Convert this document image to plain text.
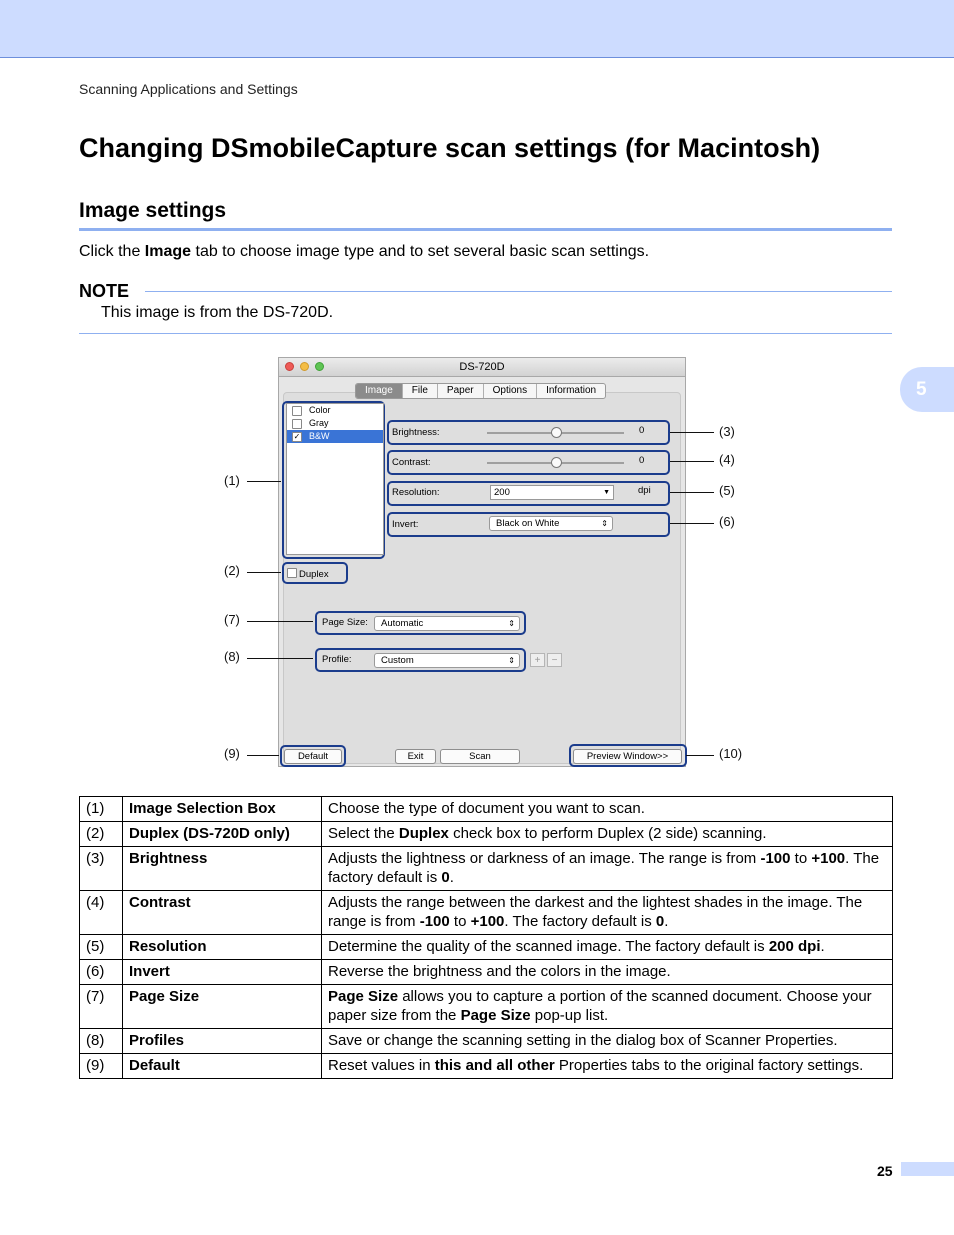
Scanning Applications and Settings
Changing DSmobileCapture scan settings (for Macintosh)
Image settings
Click the Image tab to choose image type and to set several basic scan settings.
NOTE
This image is from the DS-720D.
5
DS-720D
Image	File	Paper	Options	Information
Color
Gray
✓ B&W	Brightness:	0
Contrast:	0
Resolution:	200	▼	dpi
Invert:	Black on White	⇕
Duplex
Page Size:	Automatic	⇕
Profile:	Custom	⇕	+	−
Default	Exit	Scan	Preview Window>>
(1)
(2)
(3)
(4)
(5)
(6)
(7)
(8)
(9)	(10)
(1)	Image Selection Box	Choose the type of document you want to scan.
(2)	Duplex (DS-720D only)	Select the Duplex check box to perform Duplex (2 side) scanning.
(3)	Brightness	Adjusts the lightness or darkness of an image. The range is from -100 to +100. The factory default is 0.
(4)	Contrast	Adjusts the range between the darkest and the lightest shades in the image. The range is from -100 to +100. The factory default is 0.
(5)	Resolution	Determine the quality of the scanned image. The factory default is 200 dpi.
(6)	Invert	Reverse the brightness and the colors in the image.
(7)	Page Size	Page Size allows you to capture a portion of the scanned document. Choose your paper size from the Page Size pop-up list.
(8)	Profiles	Save or change the scanning setting in the dialog box of Scanner Properties.
(9)	Default	Reset values in this and all other Properties tabs to the original factory settings.
25
